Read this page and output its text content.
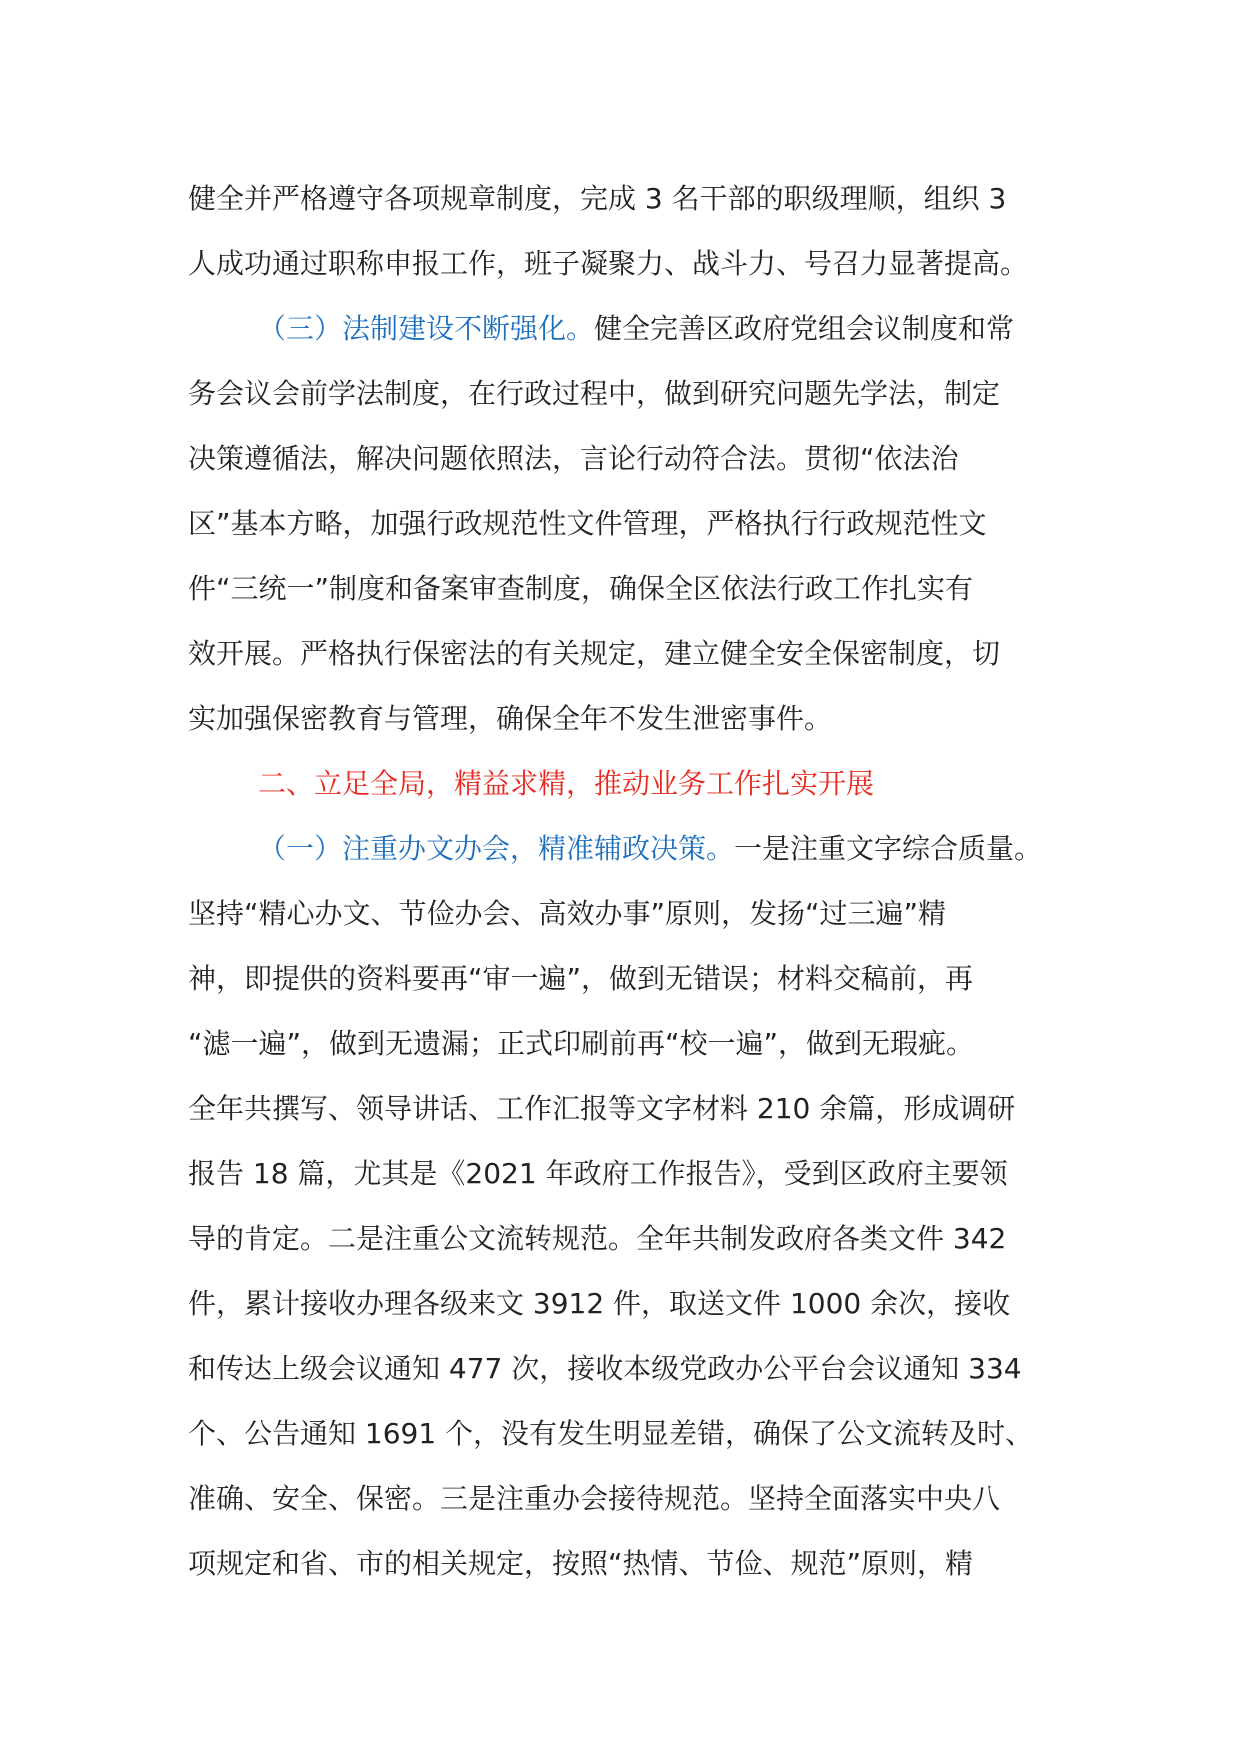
健全并严格遵守各项规章制度，完成 3 名干部的职级理顺，组织 3
人成功通过职称申报工作，班子凝聚力、战斗力、号召力显著提高。
（三）法制建设不断强化。健全完善区政府党组会议制度和常
务会议会前学法制度，在行政过程中，做到研究问题先学法，制定
决策遵循法，解决问题依照法，言论行动符合法。贯彻“依法治
区”基本方略，加强行政规范性文件管理，严格执行行政规范性文
件“三统一”制度和备案审查制度，确保全区依法行政工作扎实有
效开展。严格执行保密法的有关规定，建立健全安全保密制度，切
实加强保密教育与管理，确保全年不发生泄密事件。
二、立足全局，精益求精，推动业务工作扎实开展
（一）注重办文办会，精准辅政决策。一是注重文字综合质量。
坚持“精心办文、节俭办会、高效办事”原则，发扬“过三遍”精
神，即提供的资料要再“审一遍”，做到无错误；材料交稿前，再
“滤一遍”，做到无遗漏；正式印刷前再“校一遍”，做到无瑕疵。
全年共撰写、领导讲话、工作汇报等文字材料 210 余篇，形成调研
报告 18 篇，尤其是《2021 年政府工作报告》，受到区政府主要领
导的肯定。二是注重公文流转规范。全年共制发政府各类文件 342
件，累计接收办理各级来文 3912 件，取送文件 1000 余次，接收
和传达上级会议通知 477 次，接收本级党政办公平台会议通知 334
个、公告通知 1691 个，没有发生明显差错，确保了公文流转及时、
准确、安全、保密。三是注重办会接待规范。坚持全面落实中央八
项规定和省、市的相关规定，按照“热情、节俭、规范”原则，精
